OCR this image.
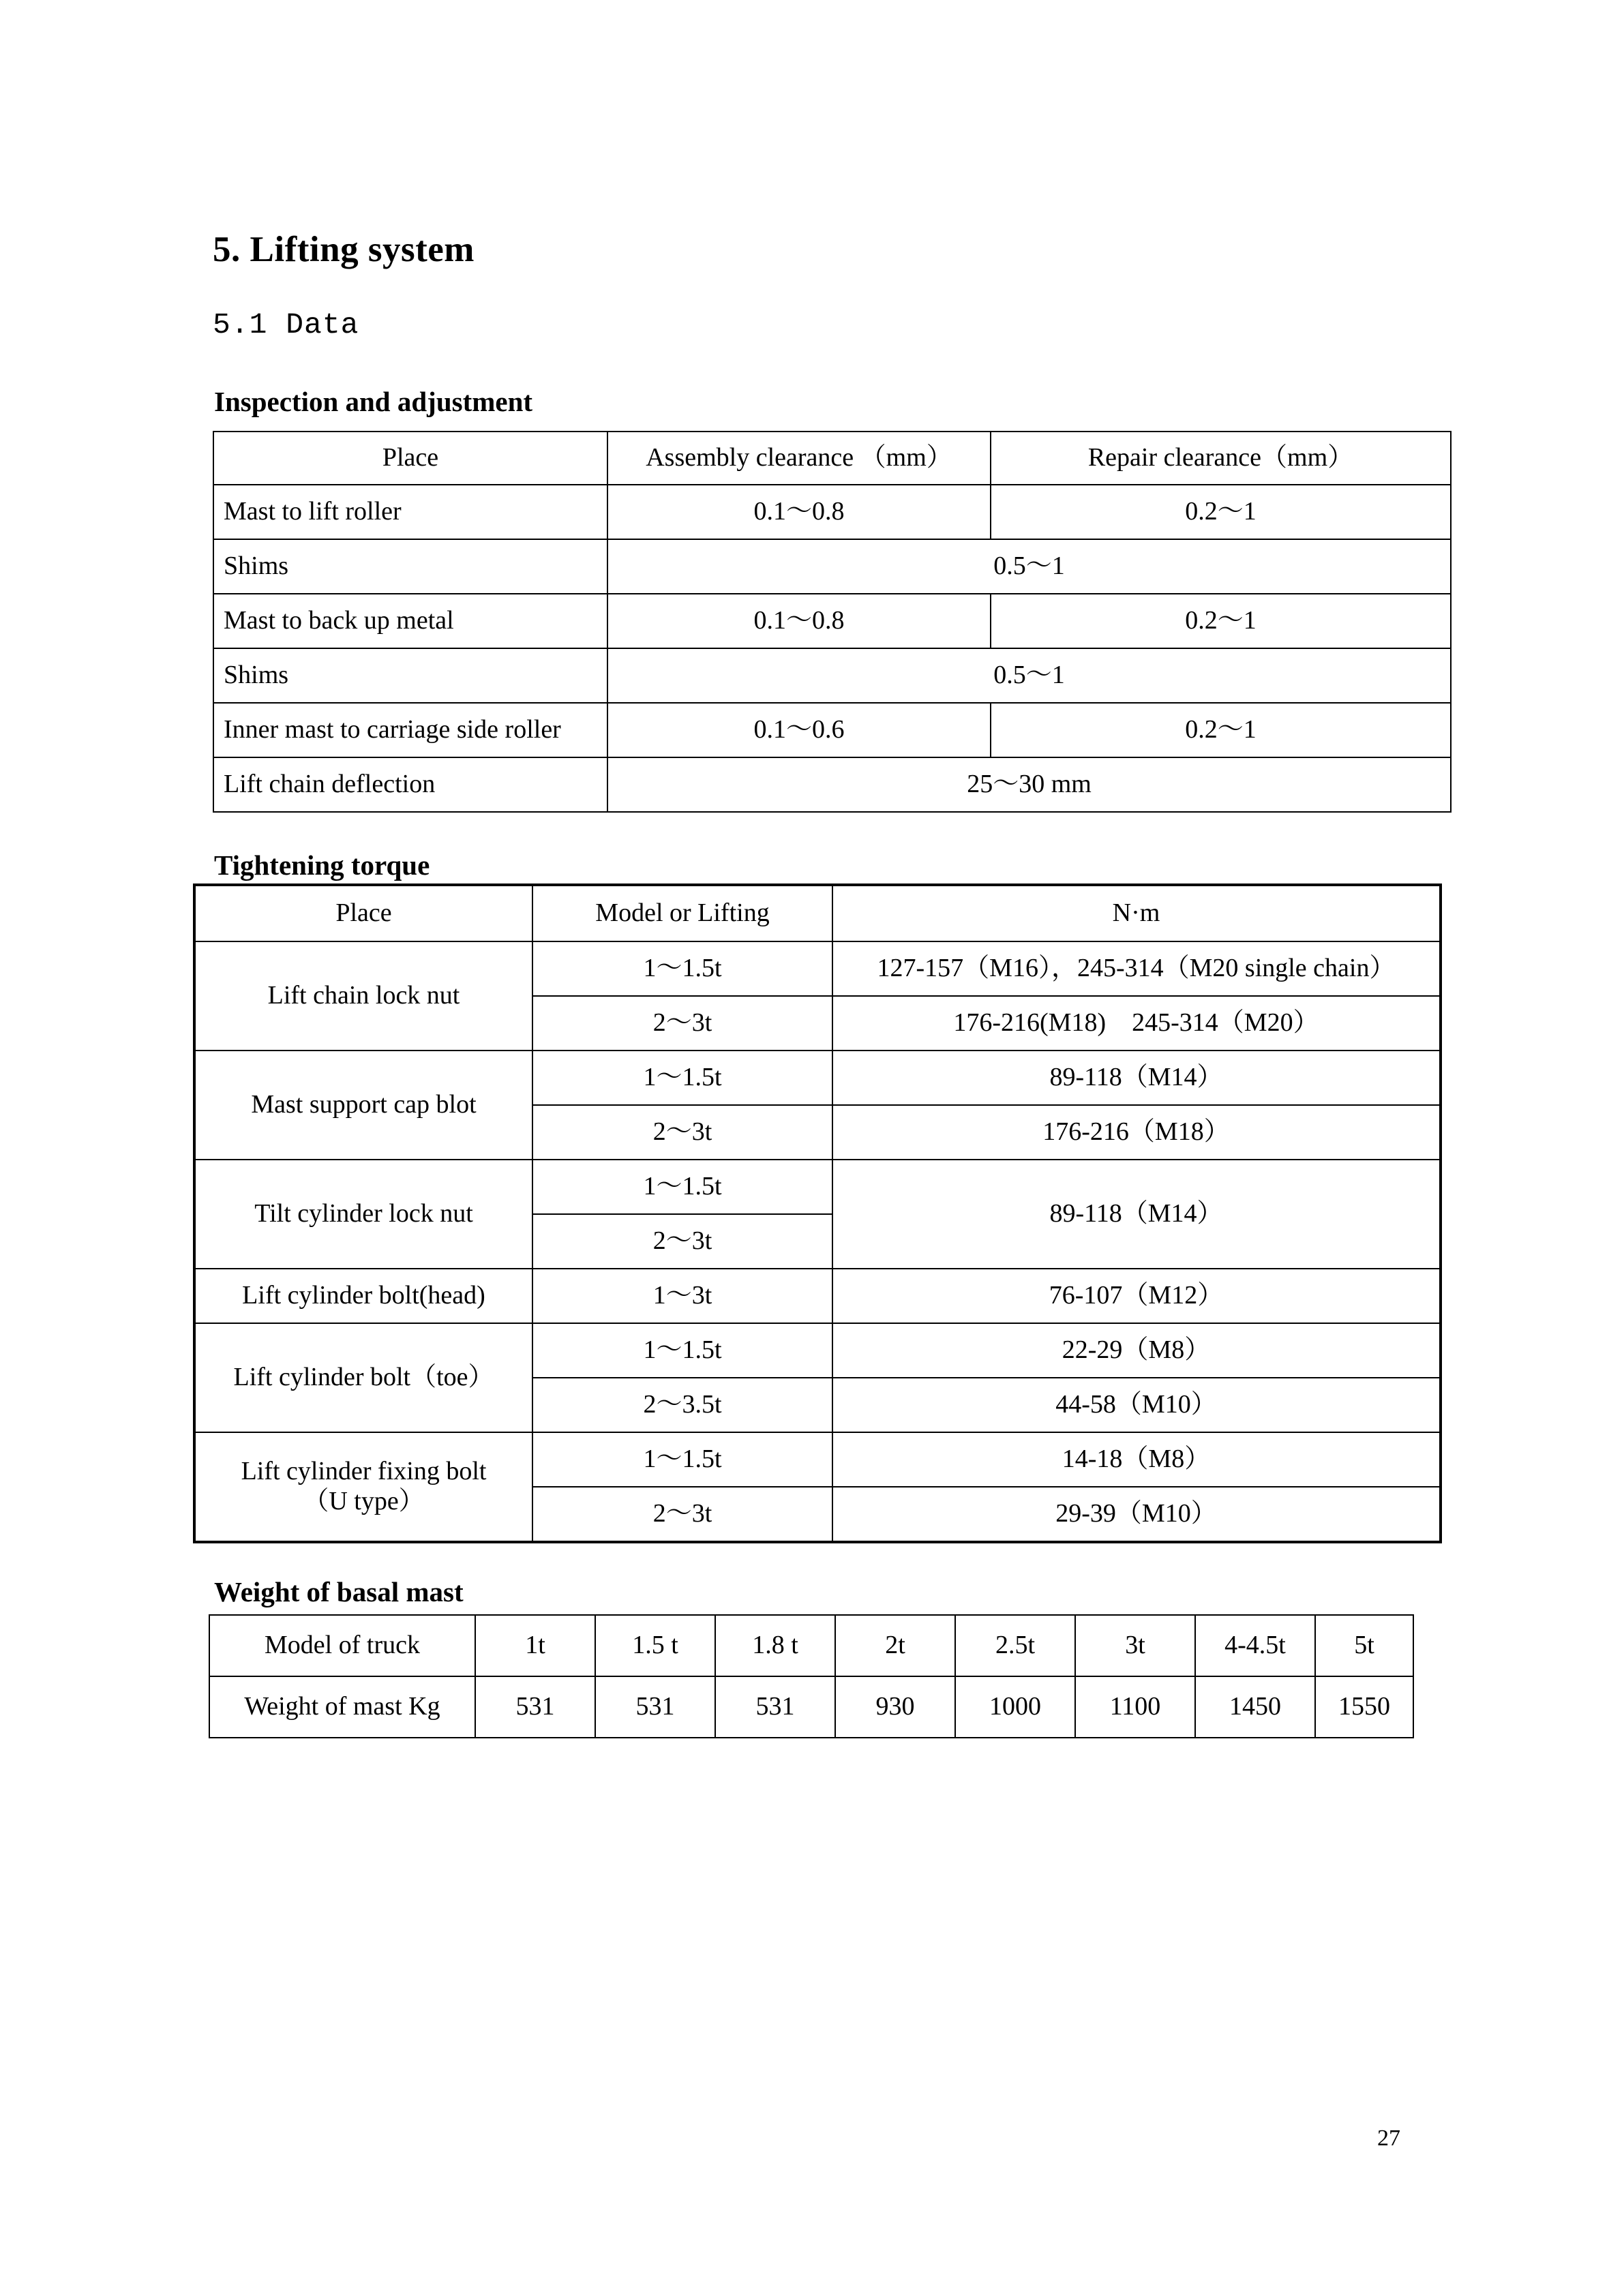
5. Lifting system
5.1 Data
Inspection and adjustment
Tightening torque
Weight of basal mast
Place	Assembly clearance （mm）	Repair clearance（mm）
Mast to lift roller	0.1～0.8	0.2～1
Shims	0.5～1	
Mast to back up metal	0.1～0.8	0.2～1
Shims	0.5～1	
Inner mast to carriage side roller	0.1～0.6	0.2～1
Lift chain deflection	25～30 mm	
Place	Model or Lifting	N·m
Lift chain lock nut	1～1.5t	127-157（M16），245-314（M20 single chain）
	2～3t	176-216(M18)    245-314（M20）
Mast support cap blot	1～1.5t	89-118（M14）
	2～3t	176-216（M18）
Tilt cylinder lock nut	1～1.5t	89-118（M14）
	2～3t	
Lift cylinder bolt(head)	1～3t	76-107（M12）
Lift cylinder bolt（toe）	1～1.5t	22-29（M8）
	2～3.5t	44-58（M10）
Lift cylinder fixing bolt
（U type）	1～1.5t	14-18（M8）
	2～3t	29-39（M10）
Model of truck	1t	1.5 t	1.8 t	2t	2.5t	3t	4-4.5t	5t
Weight of mast Kg	531	531	531	930	1000	1100	1450	1550
27
